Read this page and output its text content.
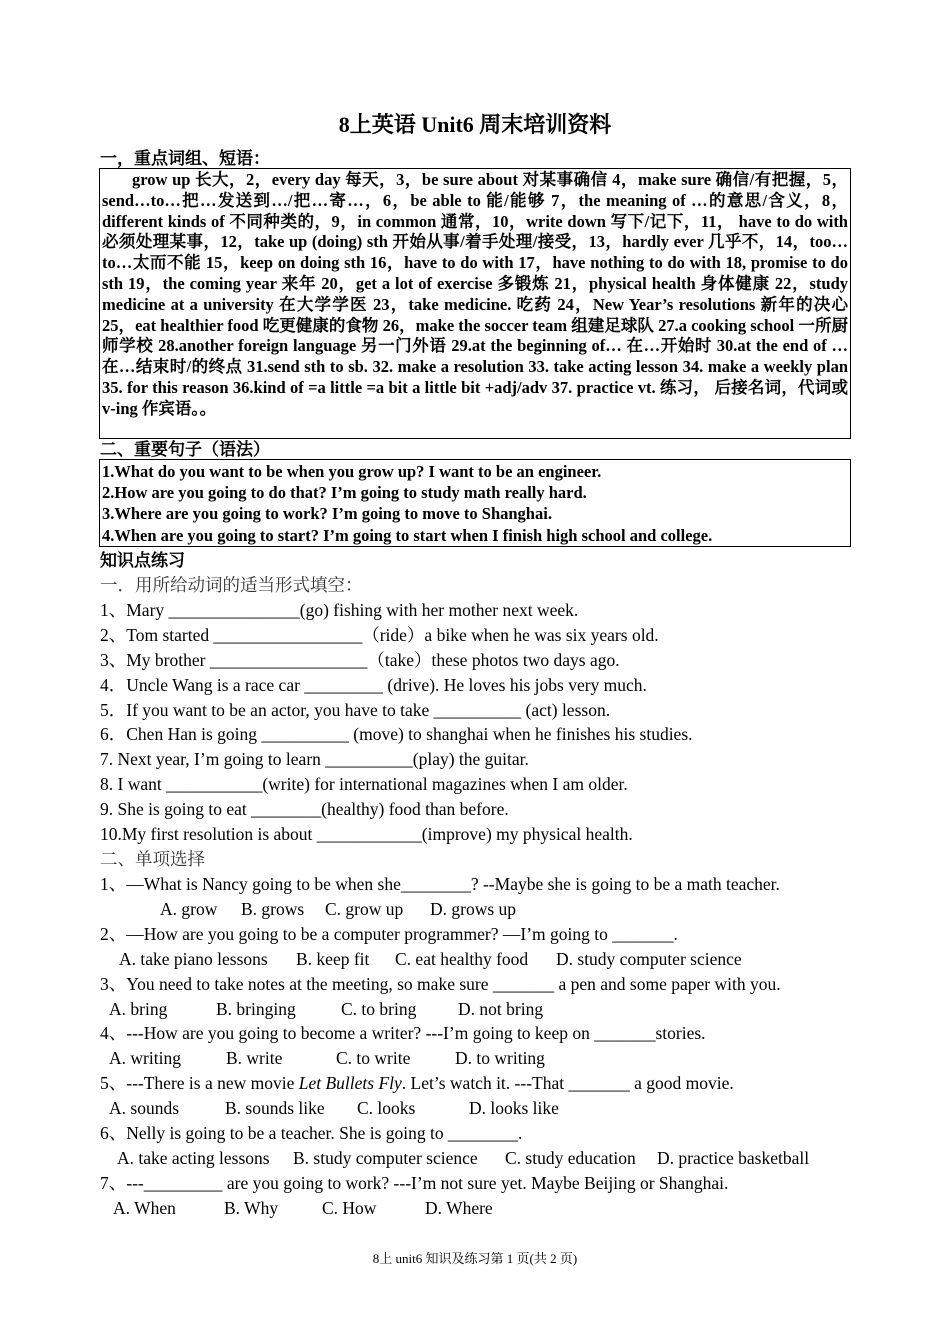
8上英语 Unit6 周末培训资料
一，重点词组、短语：
grow up 长大，2，every day 每天，3，be sure about 对某事确信 4，make sure 确信/有把握，5，send…to…把…发送到…/把…寄…，6，be able to 能/能够 7，the meaning of …的意思/含义，8，different kinds of 不同种类的，9，in common 通常，10，write down 写下/记下，11， have to do with 必须处理某事，12，take up (doing) sth 开始从事/着手处理/接受，13，hardly ever 几乎不，14，too…to…太而不能 15，keep on doing sth 16，have to do with 17，have nothing to do with 18, promise to do sth 19，the coming year 来年 20，get a lot of exercise 多锻炼 21，physical health 身体健康 22，study medicine at a university 在大学学医 23，take medicine. 吃药 24，New Year’s resolutions 新年的决心 25，eat healthier food 吃更健康的食物 26，make the soccer team 组建足球队 27.a cooking school 一所厨师学校 28.another foreign language 另一门外语 29.at the beginning of… 在…开始时 30.at the end of … 在…结束时/的终点 31.send sth to sb. 32. make a resolution 33. take acting lesson 34. make a weekly plan 35. for this reason 36.kind of =a little =a bit a little bit +adj/adv 37. practice vt. 练习， 后接名词，代词或 v-ing 作宾语。。
二、重要句子（语法）
1.What do you want to be when you grow up? I want to be an engineer.
2.How are you going to do that? I’m going to study math really hard.
3.Where are you going to work? I’m going to move to Shanghai.
4.When are you going to start? I’m going to start when I finish high school and college.
知识点练习
一．用所给动词的适当形式填空：
1、Mary _______________(go) fishing with her mother next week.
2、Tom started _________________（ride）a bike when he was six years old.
3、My brother __________________（take）these photos two days ago.
4．Uncle Wang is a race car _________ (drive). He loves his jobs very much.
5．If you want to be an actor, you have to take __________ (act) lesson.
6．Chen Han is going __________ (move) to shanghai when he finishes his studies.
7. Next year, I’m going to learn __________(play) the guitar.
8. I want ___________(write) for international magazines when I am older.
9. She is going to eat ________(healthy) food than before.
10.My first resolution is about ____________(improve) my physical health.
二、单项选择
1、—What is Nancy going to be when she________? --Maybe she is going to be a math teacher.
A. grow B. grows C. grow up D. grows up
2、—How are you going to be a computer programmer? —I’m going to _______.
A. take piano lessons B. keep fit C. eat healthy food D. study computer science
3、You need to take notes at the meeting, so make sure _______ a pen and some paper with you.
A. bring	B. bringing	C. to bring D. not bring
4、---How are you going to become a writer? ---I’m going to keep on _______stories.
A. writing	B. write	C. to write	D. to writing
5、---There is a new movie Let Bullets Fly. Let’s watch it. ---That _______ a good movie.
A. sounds	B. sounds like C. looks	D. looks like
6、Nelly is going to be a teacher. She is going to ________.
A. take acting lessons B. study computer science C. study education D. practice basketball
7、---_________ are you going to work? ---I’m not sure yet. Maybe Beijing or Shanghai.
A. When	B. Why	C. How	D. Where
8上 unit6 知识及练习第 1 页(共 2 页)
